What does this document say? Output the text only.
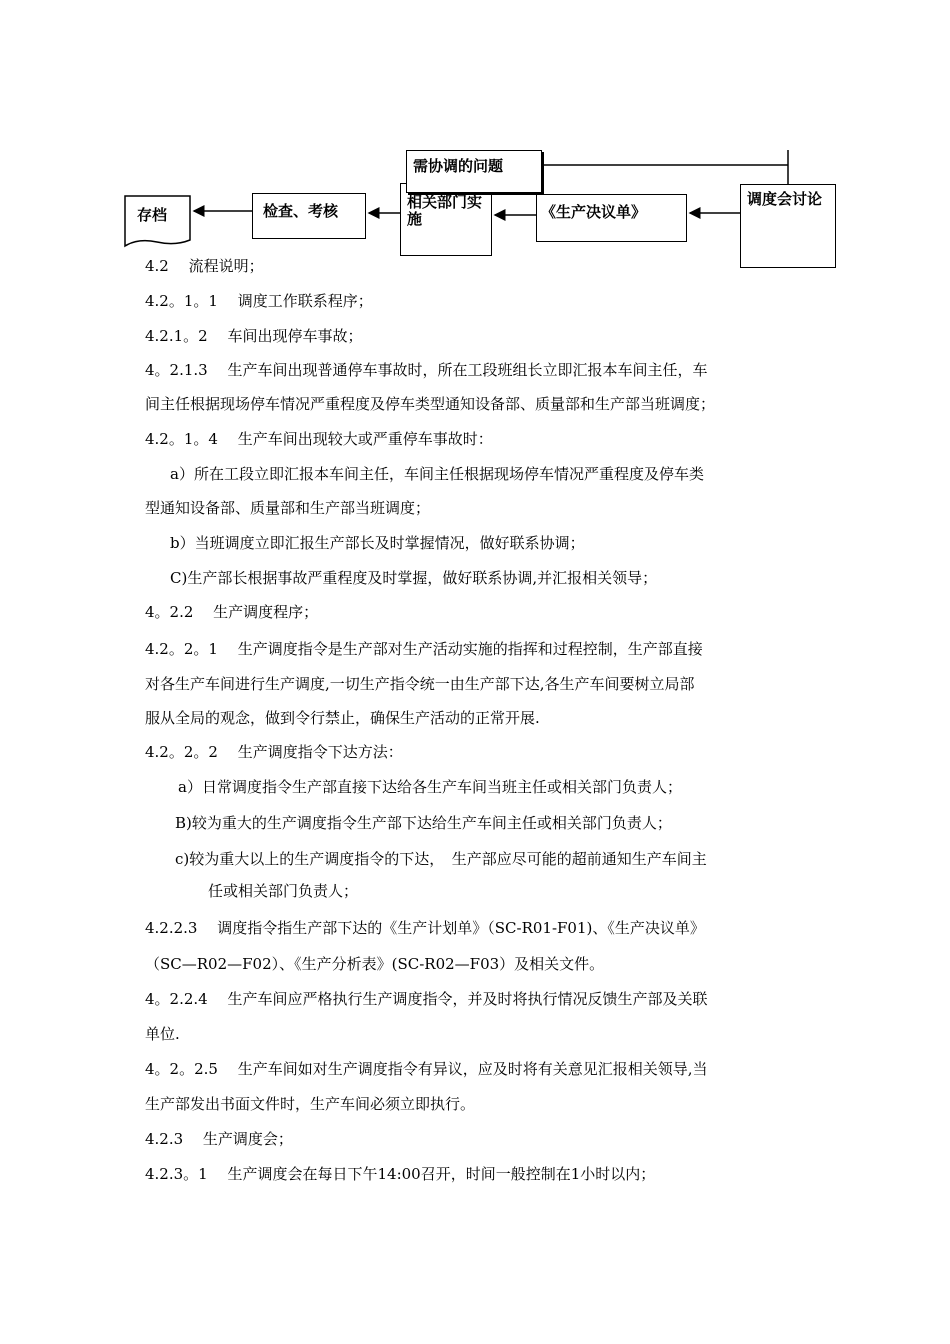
相关部门实施
需协调的问题
调度会讨论
《生产决议单》
检查、考核
存档
4.2　 流程说明；
4.2。1。1　 调度工作联系程序；
4.2.1。2　 车间出现停车事故；
4。2.1.3　 生产车间出现普通停车事故时，所在工段班组长立即汇报本车间主任，车
间主任根据现场停车情况严重程度及停车类型通知设备部、质量部和生产部当班调度；
4.2。1。4　 生产车间出现较大或严重停车事故时：
a）所在工段立即汇报本车间主任，车间主任根据现场停车情况严重程度及停车类
型通知设备部、质量部和生产部当班调度；
b）当班调度立即汇报生产部长及时掌握情况，做好联系协调；
C)生产部长根据事故严重程度及时掌握，做好联系协调,并汇报相关领导；
4。2.2　 生产调度程序；
4.2。2。1　 生产调度指令是生产部对生产活动实施的指挥和过程控制，生产部直接
对各生产车间进行生产调度,一切生产指令统一由生产部下达,各生产车间要树立局部
服从全局的观念，做到令行禁止，确保生产活动的正常开展.
4.2。2。2　 生产调度指令下达方法：
a）日常调度指令生产部直接下达给各生产车间当班主任或相关部门负责人；
B)较为重大的生产调度指令生产部下达给生产车间主任或相关部门负责人；
c)较为重大以上的生产调度指令的下达，　生产部应尽可能的超前通知生产车间主
任或相关部门负责人；
4.2.2.3　 调度指令指生产部下达的《生产计划单》（SC-R01-F01)、《生产决议单》
（SC—R02—F02）、《生产分析表》(SC-R02—F03）及相关文件。
4。2.2.4　 生产车间应严格执行生产调度指令，并及时将执行情况反馈生产部及关联
单位.
4。2。2.5　 生产车间如对生产调度指令有异议，应及时将有关意见汇报相关领导,当
生产部发出书面文件时，生产车间必须立即执行。
4.2.3　 生产调度会；
4.2.3。1　 生产调度会在每日下午14:00召开，时间一般控制在1小时以内；
